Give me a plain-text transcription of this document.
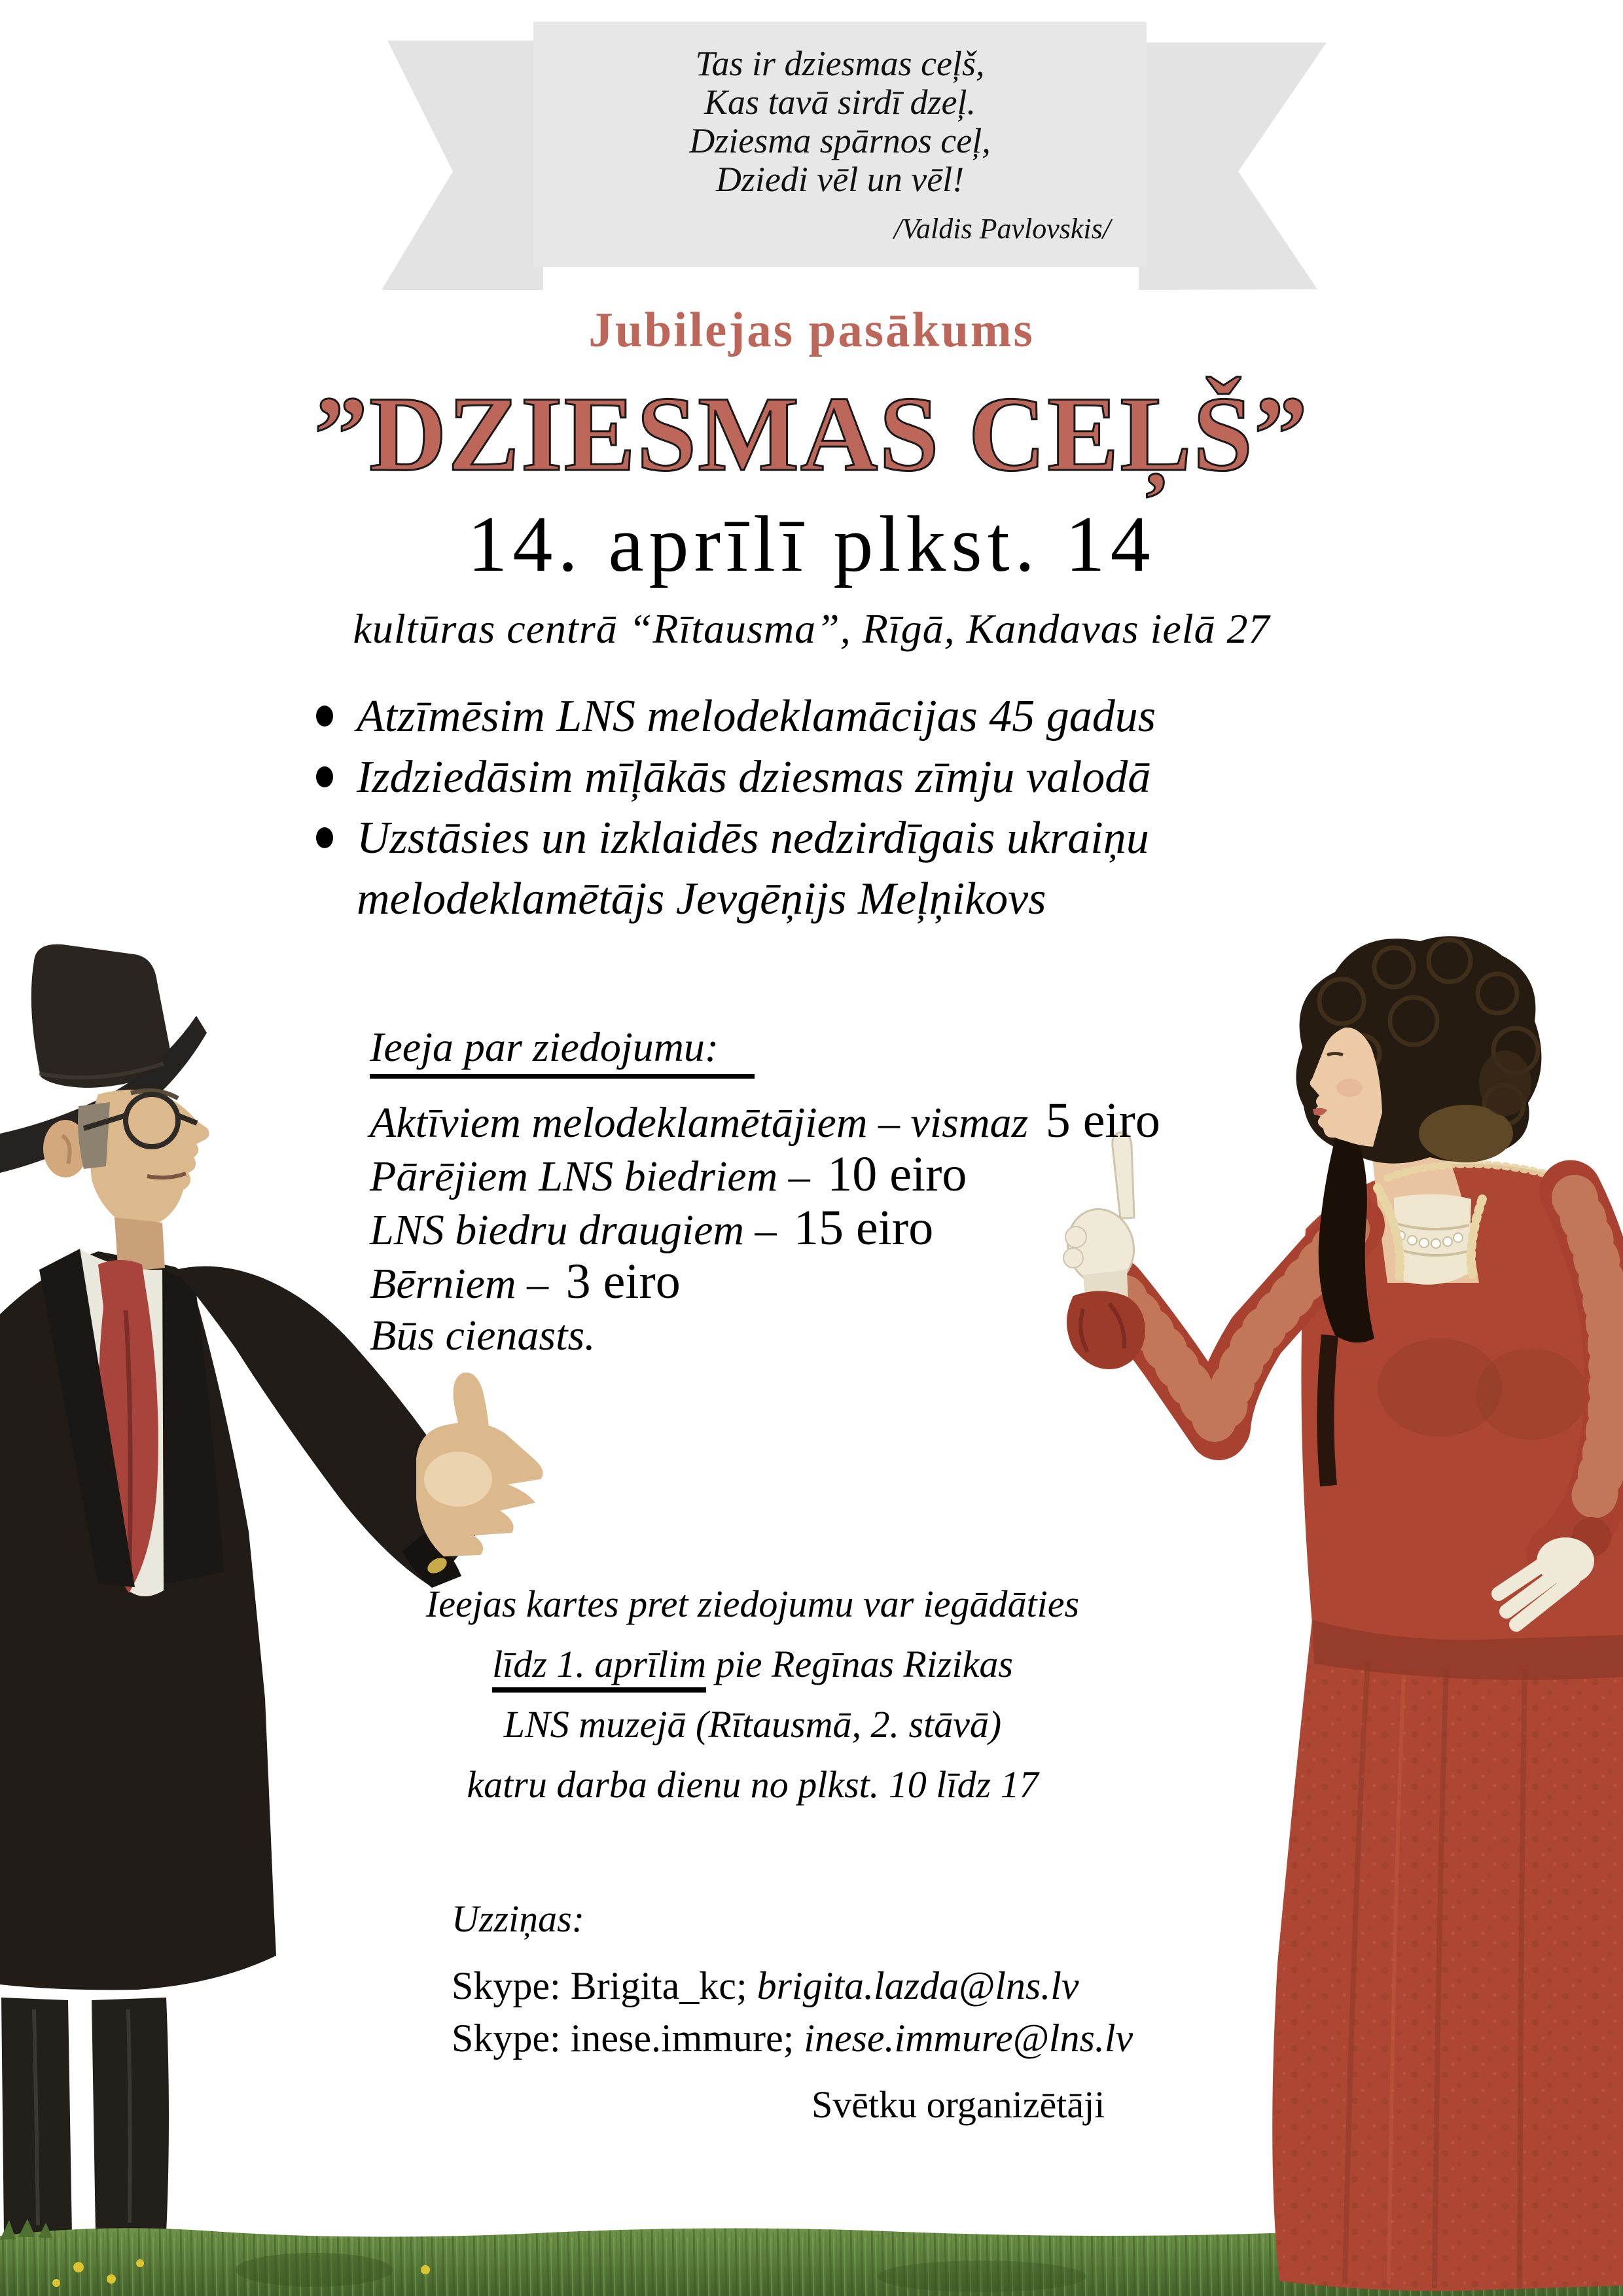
Tas ir dziesmas ceļš,
Kas tavā sirdī dzeļ.
Dziesma spārnos ceļ,
Dziedi vēl un vēl!
/Valdis Pavlovskis/
Jubilejas pasākums
”DZIESMAS CEĻŠ”
14. aprīlī plkst. 14
kultūras centrā “Rītausma”, Rīgā, Kandavas ielā 27
Atzīmēsim LNS melodeklamācijas 45 gadus
Izdziedāsim mīļākās dziesmas zīmju valodā
Uzstāsies un izklaidēs nedzirdīgais ukraiņu
melodeklamētājs Jevgēņijs Meļņikovs
Ieeja par ziedojumu:
Aktīviem melodeklamētājiem – vismaz 5 eiro
Pārējiem LNS biedriem – 10 eiro
LNS biedru draugiem – 15 eiro
Bērniem – 3 eiro
Būs cienasts.
Ieejas kartes pret ziedojumu var iegādāties
līdz 1. aprīlim pie Regīnas Rizikas
LNS muzejā (Rītausmā, 2. stāvā)
katru darba dienu no plkst. 10 līdz 17
Uzziņas:
Skype: Brigita_kc; brigita.lazda@lns.lv
Skype: inese.immure; inese.immure@lns.lv
Svētku organizētāji
